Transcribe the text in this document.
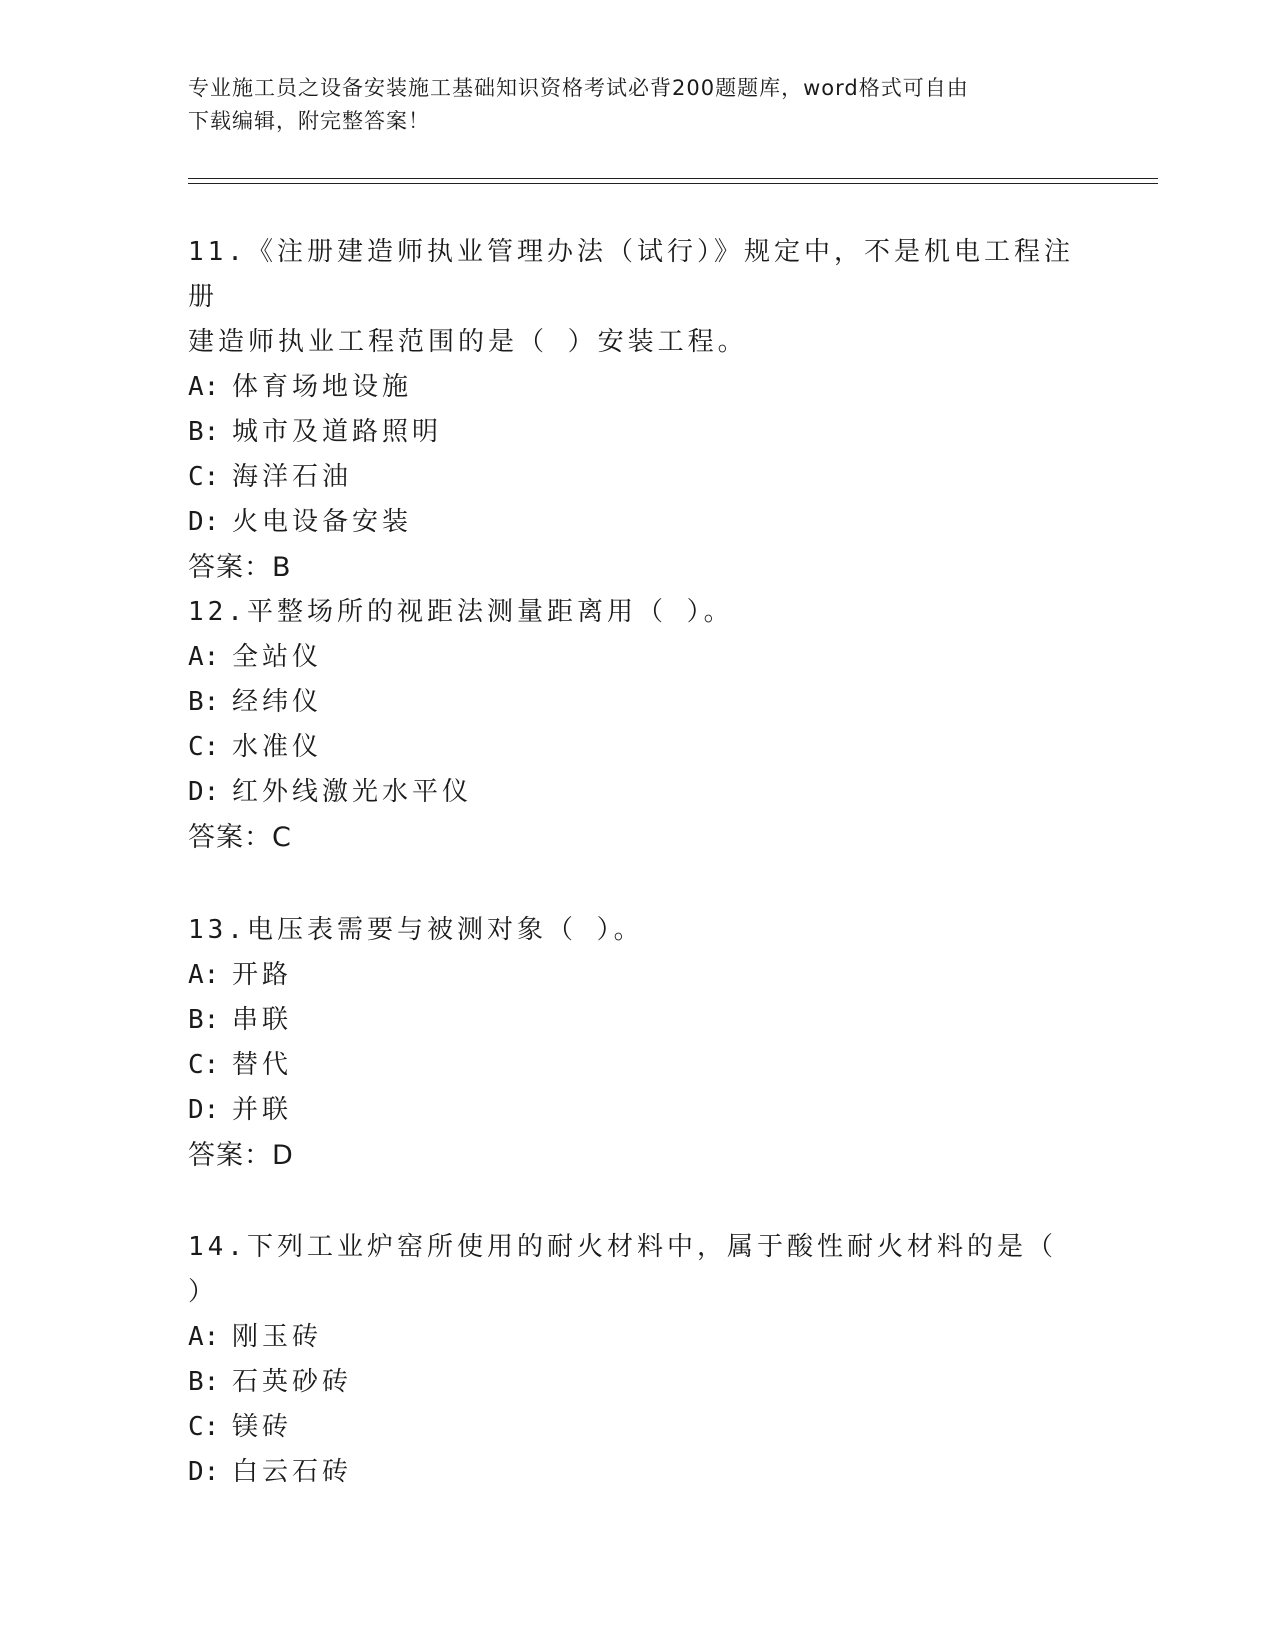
专业施工员之设备安装施工基础知识资格考试必背200题题库，word格式可自由
下载编辑，附完整答案！

11.《注册建造师执业管理办法（试行）》规定中，不是机电工程注册

建造师执业工程范围的是（ ）安装工程。

A: 体育场地设施

B: 城市及道路照明

C: 海洋石油

D: 火电设备安装

答案：B

12.平整场所的视距法测量距离用（ ）。

A: 全站仪

B: 经纬仪

C: 水准仪

D: 红外线激光水平仪

答案：C

13.电压表需要与被测对象（ ）。

A: 开路

B: 串联

C: 替代

D: 并联

答案：D

14.下列工业炉窑所使用的耐火材料中，属于酸性耐火材料的是（ ）

A: 刚玉砖

B: 石英砂砖

C: 镁砖

D: 白云石砖
